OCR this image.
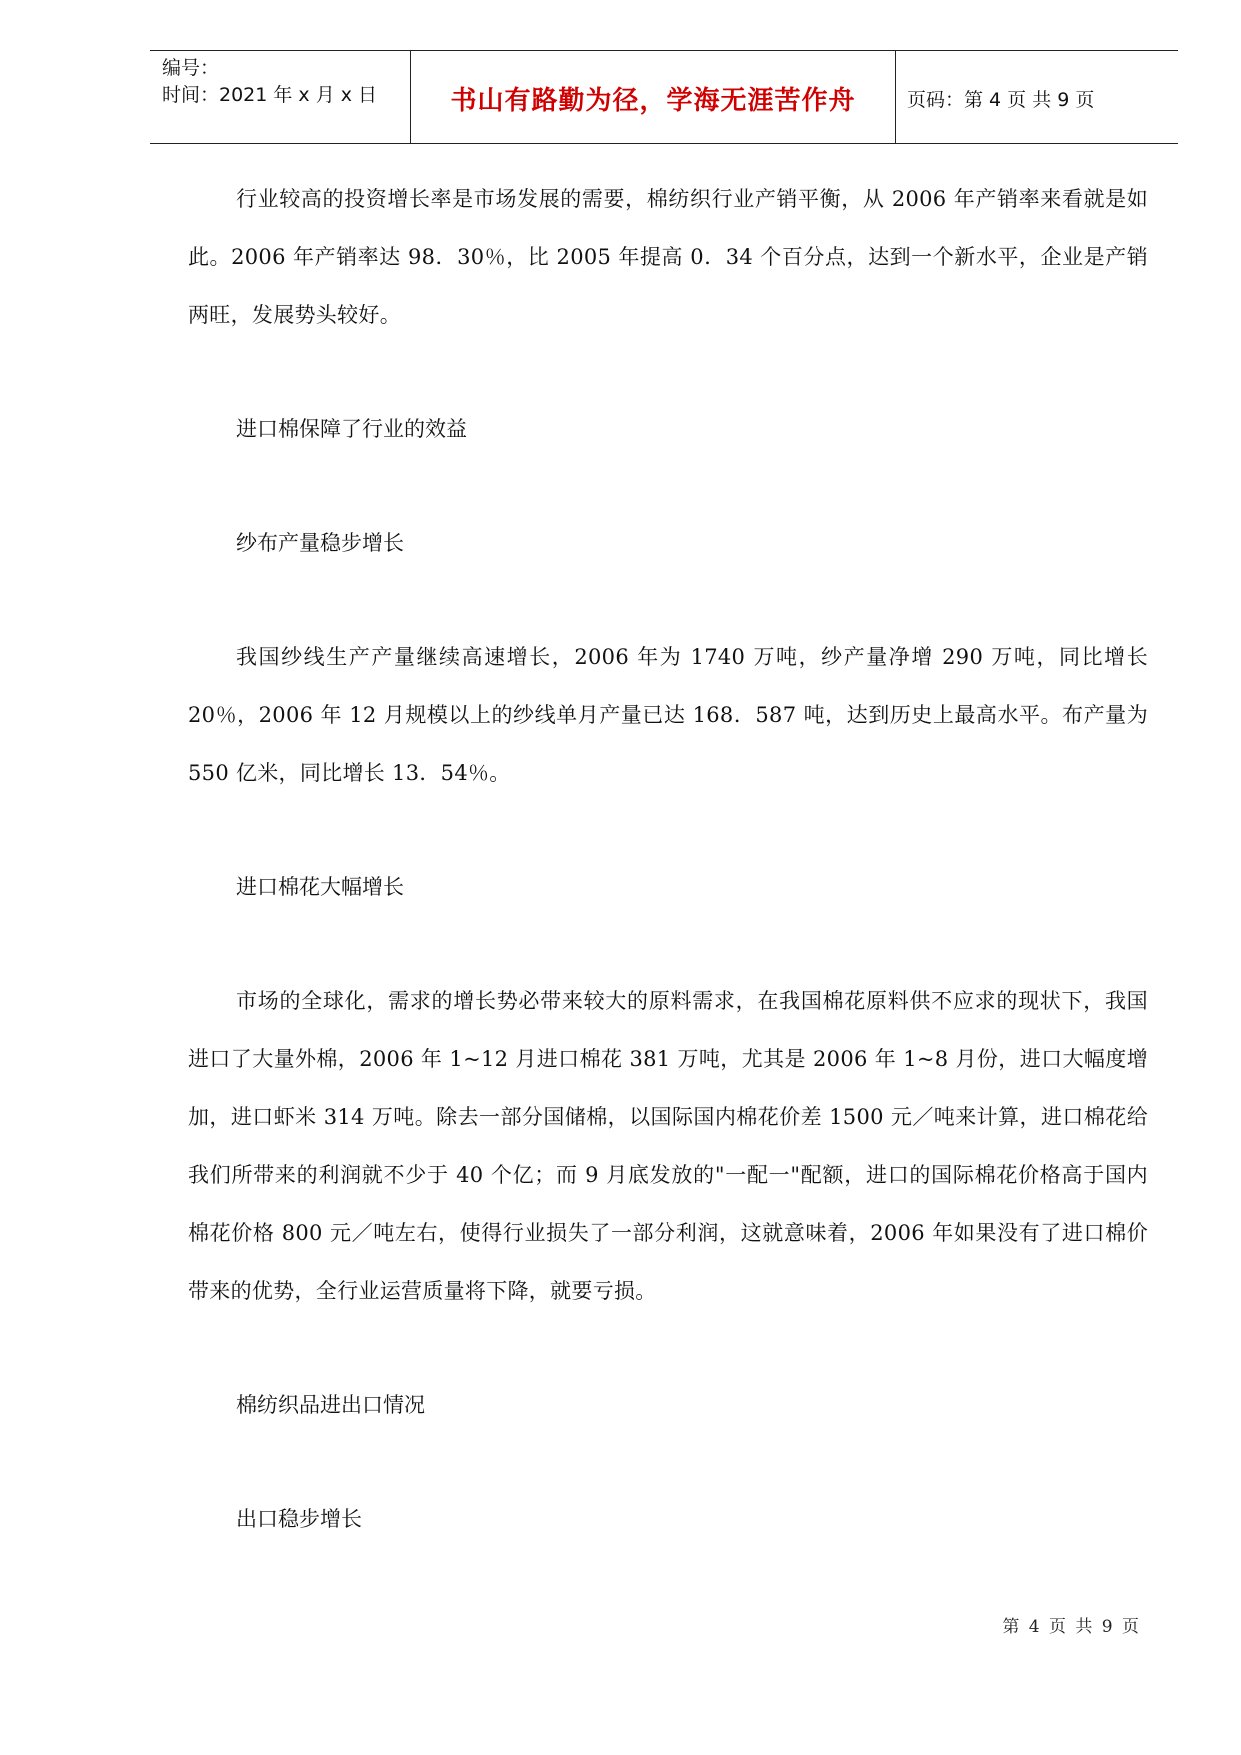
编号：
时间：2021 年 x 月 x 日	书山有路勤为径，学海无涯苦作舟	页码：第 4 页 共 9 页

行业较高的投资增长率是市场发展的需要，棉纺织行业产销平衡，从 2006 年产销率来看就是如此。2006 年产销率达 98．30％，比 2005 年提高 0．34 个百分点，达到一个新水平，企业是产销两旺，发展势头较好。

进口棉保障了行业的效益

纱布产量稳步增长

我国纱线生产产量继续高速增长，2006 年为 1740 万吨，纱产量净增 290 万吨，同比增长 20％，2006 年 12 月规模以上的纱线单月产量已达 168．587 吨，达到历史上最高水平。布产量为 550 亿米，同比增长 13．54％。

进口棉花大幅增长

市场的全球化，需求的增长势必带来较大的原料需求，在我国棉花原料供不应求的现状下，我国进口了大量外棉，2006 年 1~12 月进口棉花 381 万吨，尤其是 2006 年 1~8 月份，进口大幅度增加，进口虾米 314 万吨。除去一部分国储棉，以国际国内棉花价差 1500 元／吨来计算，进口棉花给我们所带来的利润就不少于 40 个亿；而 9 月底发放的"一配一"配额，进口的国际棉花价格高于国内棉花价格 800 元／吨左右，使得行业损失了一部分利润，这就意味着，2006 年如果没有了进口棉价带来的优势，全行业运营质量将下降，就要亏损。

棉纺织品进出口情况

出口稳步增长

第 4 页 共 9 页
